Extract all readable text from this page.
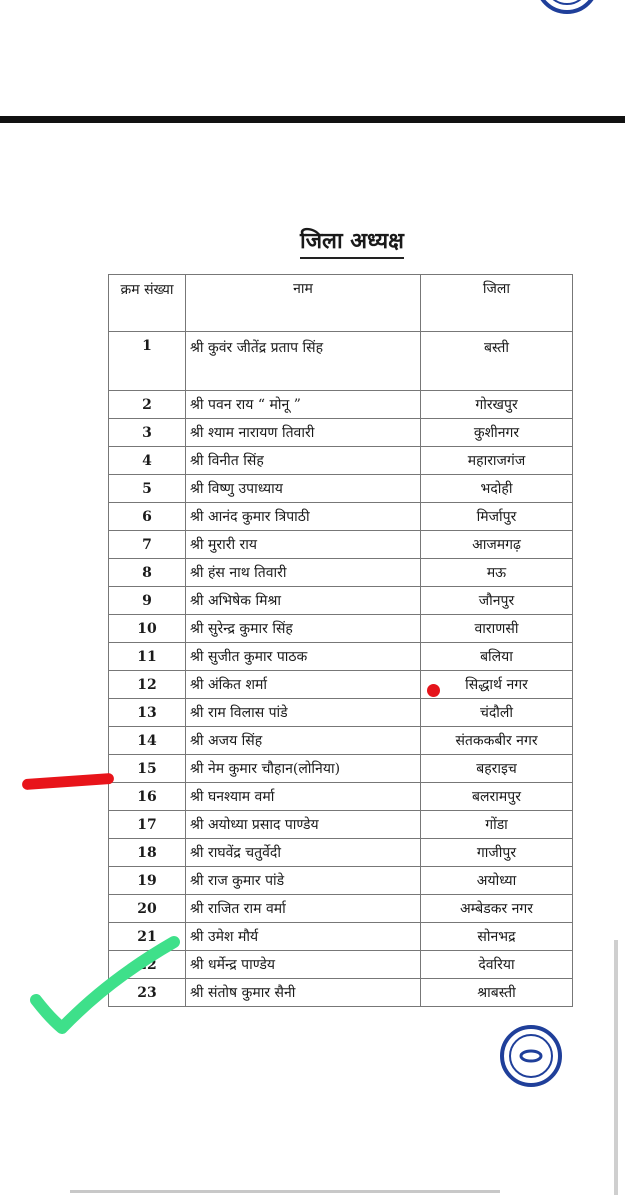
जिला अध्यक्ष
क्रम संख्या	नाम	जिला
1	श्री कुवंर जीतेंद्र प्रताप सिंह	बस्ती
2	श्री पवन राय “ मोनू ”	गोरखपुर
3	श्री श्याम नारायण तिवारी	कुशीनगर
4	श्री विनीत सिंह	महाराजगंज
5	श्री विष्णु उपाध्याय	भदोही
6	श्री आनंद कुमार त्रिपाठी	मिर्जापुर
7	श्री मुरारी राय	आजमगढ़
8	श्री हंस नाथ तिवारी	मऊ
9	श्री अभिषेक मिश्रा	जौनपुर
10	श्री सुरेन्द्र कुमार सिंह	वाराणसी
11	श्री सुजीत कुमार पाठक	बलिया
12	श्री अंकित शर्मा	सिद्धार्थ नगर
13	श्री राम विलास पांडे	चंदौली
14	श्री अजय सिंह	संतककबीर नगर
15	श्री नेम कुमार चौहान(लोनिया)	बहराइच
16	श्री घनश्याम वर्मा	बलरामपुर
17	श्री अयोध्या प्रसाद पाण्डेय	गोंडा
18	श्री राघवेंद्र चतुर्वेदी	गाजीपुर
19	श्री राज कुमार पांडे	अयोध्या
20	श्री राजित राम वर्मा	अम्बेडकर नगर
21	श्री उमेश मौर्य	सोनभद्र
22	श्री धर्मेन्द्र पाण्डेय	देवरिया
23	श्री संतोष कुमार सैनी	श्राबस्ती
